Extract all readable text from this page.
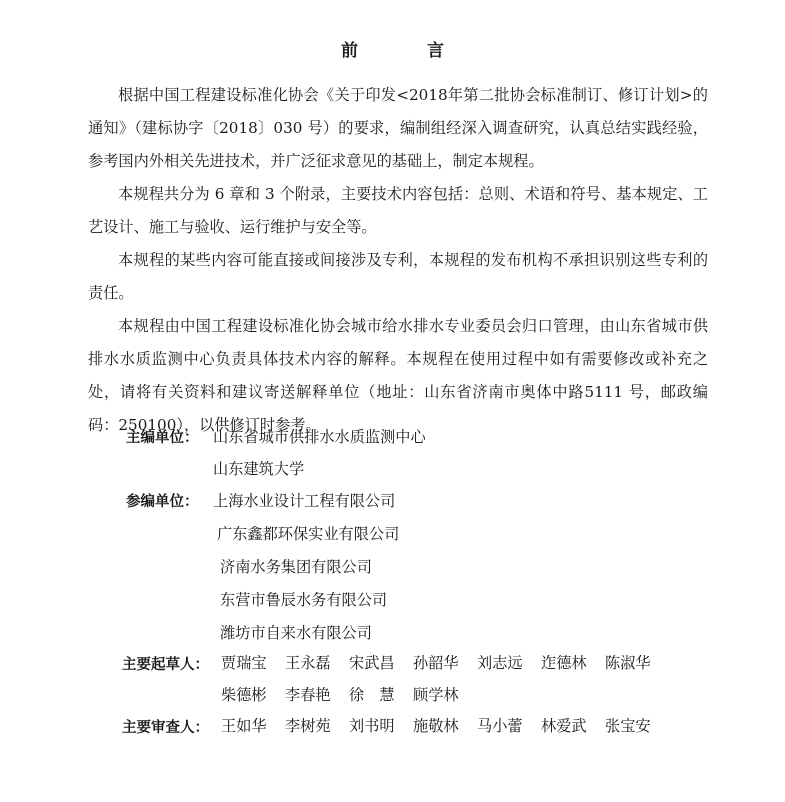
前　言

根据中国工程建设标准化协会《关于印发<2018年第二批协会标准制订、修订计划>的通知》（建标协字〔2018〕030 号）的要求，编制组经深入调查研究，认真总结实践经验，参考国内外相关先进技术，并广泛征求意见的基础上，制定本规程。

本规程共分为 6 章和 3 个附录，主要技术内容包括：总则、术语和符号、基本规定、工艺设计、施工与验收、运行维护与安全等。

本规程的某些内容可能直接或间接涉及专利，本规程的发布机构不承担识别这些专利的责任。

本规程由中国工程建设标准化协会城市给水排水专业委员会归口管理，由山东省城市供排水水质监测中心负责具体技术内容的解释。本规程在使用过程中如有需要修改或补充之处，请将有关资料和建议寄送解释单位（地址：山东省济南市奥体中路5111 号，邮政编码：250100），以供修订时参考。

主编单位： 山东省城市供排水水质监测中心
山东建筑大学
参编单位： 上海水业设计工程有限公司
广东鑫都环保实业有限公司
济南水务集团有限公司
东营市鲁辰水务有限公司
潍坊市自来水有限公司
主要起草人： 贾瑞宝	王永磊	宋武昌	孙韶华	刘志远	迮德林	陈淑华
柴德彬	李春艳	徐　慧	顾学林
主要审查人： 王如华	李树苑	刘书明	施敬林	马小蕾	林爱武	张宝安
